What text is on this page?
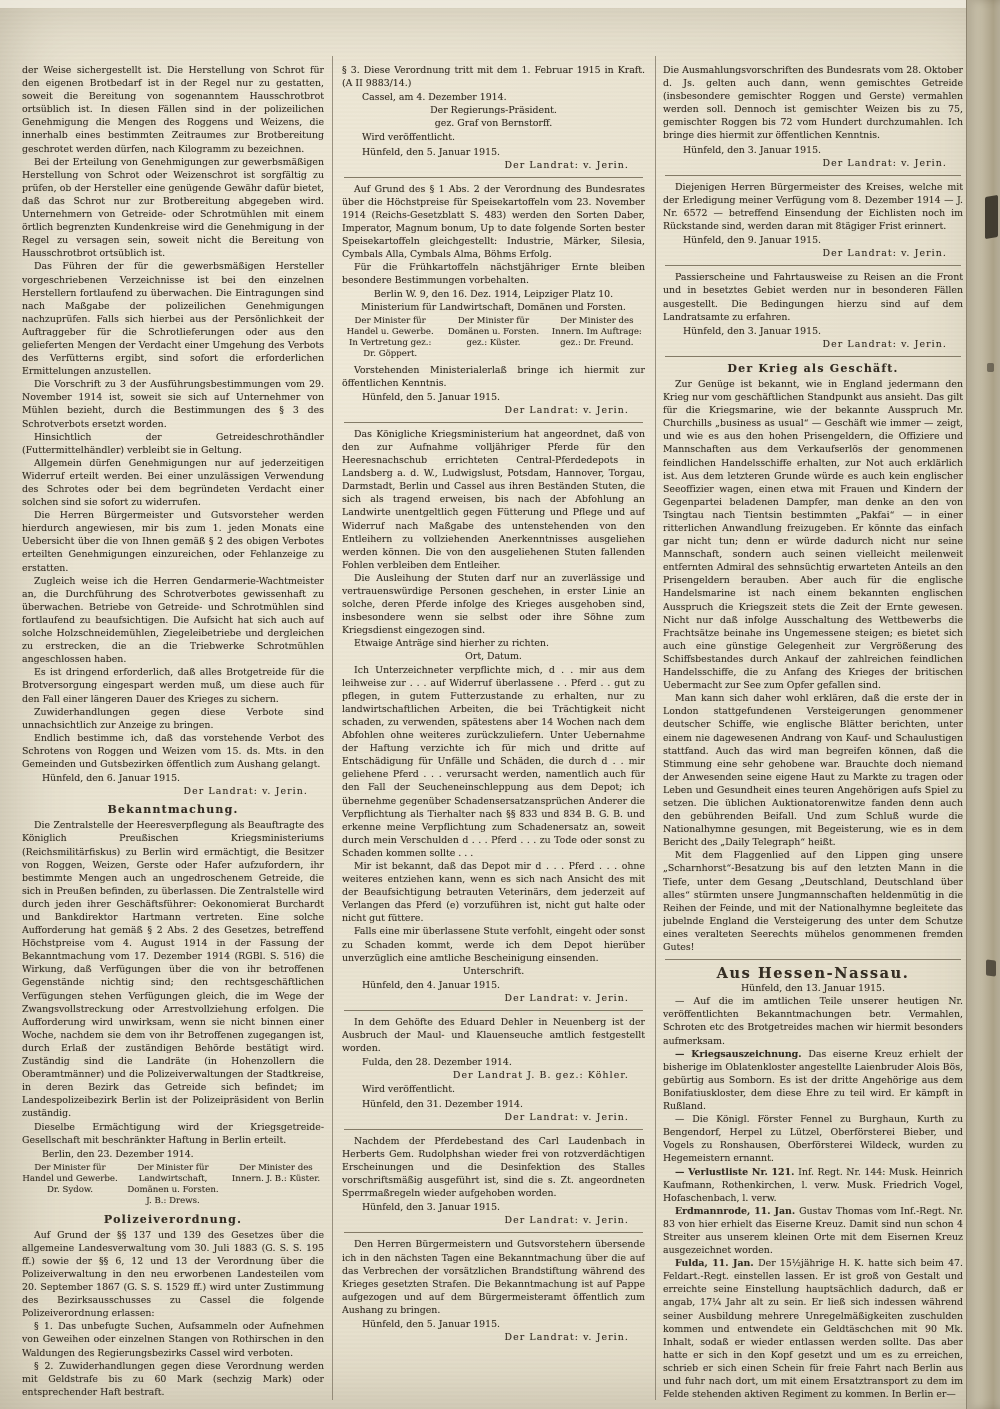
der Weise sichergestellt ist. Die Herstellung von Schrot für den eigenen Brotbedarf ist in der Regel nur zu gestatten, soweit die Bereitung von sogenanntem Hausschrotbrot ortsüblich ist. In diesen Fällen sind in der polizeilichen Genehmigung die Mengen des Roggens und Weizens, die innerhalb eines bestimmten Zeitraumes zur Brotbereitung geschrotet werden dürfen, nach Kilogramm zu bezeichnen.
Bei der Erteilung von Genehmigungen zur gewerbsmäßigen Herstellung von Schrot oder Weizenschrot ist sorgfältig zu prüfen, ob der Hersteller eine genügende Gewähr dafür bietet, daß das Schrot nur zur Brotbereitung abgegeben wird. Unternehmern von Getreide- oder Schrotmühlen mit einem örtlich begrenzten Kundenkreise wird die Genehmigung in der Regel zu versagen sein, soweit nicht die Bereitung von Hausschrotbrot ortsüblich ist.
Das Führen der für die gewerbsmäßigen Hersteller vorgeschriebenen Verzeichnisse ist bei den einzelnen Herstellern fortlaufend zu überwachen. Die Eintragungen sind nach Maßgabe der polizeilichen Genehmigungen nachzuprüfen. Falls sich hierbei aus der Persönlichkeit der Auftraggeber für die Schrotlieferungen oder aus den gelieferten Mengen der Verdacht einer Umgehung des Verbots des Verfütterns ergibt, sind sofort die erforderlichen Ermittelungen anzustellen.
Die Vorschrift zu 3 der Ausführungsbestimmungen vom 29. November 1914 ist, soweit sie sich auf Unternehmer von Mühlen bezieht, durch die Bestimmungen des § 3 des Schrotverbots ersetzt worden.
Hinsichtlich der Getreideschrothändler (Futtermittelhändler) verbleibt sie in Geltung.
Allgemein dürfen Genehmigungen nur auf jederzeitigen Widerruf erteilt werden. Bei einer unzulässigen Verwendung des Schrotes oder bei dem begründeten Verdacht einer solchen sind sie sofort zu widerrufen.
Die Herren Bürgermeister und Gutsvorsteher werden hierdurch angewiesen, mir bis zum 1. jeden Monats eine Uebersicht über die von Ihnen gemäß § 2 des obigen Verbotes erteilten Genehmigungen einzureichen, oder Fehlanzeige zu erstatten.
Zugleich weise ich die Herren Gendarmerie-Wachtmeister an, die Durchführung des Schrotverbotes gewissenhaft zu überwachen. Betriebe von Getreide- und Schrotmühlen sind fortlaufend zu beaufsichtigen. Die Aufsicht hat sich auch auf solche Holzschneidemühlen, Ziegeleibetriebe und dergleichen zu erstrecken, die an die Triebwerke Schrotmühlen angeschlossen haben.
Es ist dringend erforderlich, daß alles Brotgetreide für die Brotversorgung eingespart werden muß, um diese auch für den Fall einer längeren Dauer des Krieges zu sichern.
Zuwiderhandlungen gegen diese Verbote sind unnachsichtlich zur Anzeige zu bringen.
Endlich bestimme ich, daß das vorstehende Verbot des Schrotens von Roggen und Weizen vom 15. ds. Mts. in den Gemeinden und Gutsbezirken öffentlich zum Aushang gelangt.
Hünfeld, den 6. Januar 1915.
Der Landrat: v. Jerin.
Bekanntmachung.
Die Zentralstelle der Heeresverpflegung als Beauftragte des Königlich Preußischen Kriegsministeriums (Reichsmilitärfiskus) zu Berlin wird ermächtigt, die Besitzer von Roggen, Weizen, Gerste oder Hafer aufzufordern, ihr bestimmte Mengen auch an ungedroschenem Getreide, die sich in Preußen befinden, zu überlassen. Die Zentralstelle wird durch jeden ihrer Geschäftsführer: Oekonomierat Burchardt und Bankdirektor Hartmann vertreten. Eine solche Aufforderung hat gemäß § 2 Abs. 2 des Gesetzes, betreffend Höchstpreise vom 4. August 1914 in der Fassung der Bekanntmachung vom 17. Dezember 1914 (RGBl. S. 516) die Wirkung, daß Verfügungen über die von ihr betroffenen Gegenstände nichtig sind; den rechtsgeschäftlichen Verfügungen stehen Verfügungen gleich, die im Wege der Zwangsvollstreckung oder Arrestvollziehung erfolgen. Die Aufforderung wird unwirksam, wenn sie nicht binnen einer Woche, nachdem sie dem von ihr Betroffenen zugegangen ist, durch Erlaß der zuständigen Behörde bestätigt wird. Zuständig sind die Landräte (in Hohenzollern die Oberamtmänner) und die Polizeiverwaltungen der Stadtkreise, in deren Bezirk das Getreide sich befindet; im Landespolizeibezirk Berlin ist der Polizeipräsident von Berlin zuständig.
Dieselbe Ermächtigung wird der Kriegsgetreide-Gesellschaft mit beschränkter Haftung in Berlin erteilt.
Berlin, den 23. Dezember 1914.
Der Minister für Handel und Gewerbe. Dr. Sydow.
Der Minister für Landwirtschaft, Domänen u. Forsten. J. B.: Drews.
Der Minister des Innern. J. B.: Küster.
Polizeiverordnung.
Auf Grund der §§ 137 und 139 des Gesetzes über die allgemeine Landesverwaltung vom 30. Juli 1883 (G. S. S. 195 ff.) sowie der §§ 6, 12 und 13 der Verordnung über die Polizeiverwaltung in den neu erworbenen Landesteilen vom 20. September 1867 (G. S. S. 1529 ff.) wird unter Zustimmung des Bezirksausschusses zu Cassel die folgende Polizeiverordnung erlassen:
§ 1. Das unbefugte Suchen, Aufsammeln oder Aufnehmen von Geweihen oder einzelnen Stangen von Rothirschen in den Waldungen des Regierungsbezirks Cassel wird verboten.
§ 2. Zuwiderhandlungen gegen diese Verordnung werden mit Geldstrafe bis zu 60 Mark (sechzig Mark) oder entsprechender Haft bestraft.
§ 3. Diese Verordnung tritt mit dem 1. Februar 1915 in Kraft. (A II 9883/14.)
Cassel, am 4. Dezember 1914.
Der Regierungs-Präsident.
gez. Graf von Bernstorff.
Wird veröffentlicht.
Hünfeld, den 5. Januar 1915.
Der Landrat: v. Jerin.
Auf Grund des § 1 Abs. 2 der Verordnung des Bundesrates über die Höchstpreise für Speisekartoffeln vom 23. November 1914 (Reichs-Gesetzblatt S. 483) werden den Sorten Daber, Imperator, Magnum bonum, Up to date folgende Sorten bester Speisekartoffeln gleichgestellt: Industrie, Märker, Silesia, Cymbals Alla, Cymbals Alma, Böhms Erfolg.
Für die Frühkartoffeln nächstjähriger Ernte bleiben besondere Bestimmungen vorbehalten.
Berlin W. 9, den 16. Dez. 1914, Leipziger Platz 10.
Ministerium für Landwirtschaft, Domänen und Forsten.
Der Minister für Handel u. Gewerbe. In Vertretung gez.: Dr. Göppert.
Der Minister für Domänen u. Forsten. gez.: Küster.
Der Minister des Innern. Im Auftrage: gez.: Dr. Freund.
Vorstehenden Ministerialerlaß bringe ich hiermit zur öffentlichen Kenntnis.
Hünfeld, den 5. Januar 1915.
Der Landrat: v. Jerin.
Das Königliche Kriegsministerium hat angeordnet, daß von den zur Aufnahme volljähriger Pferde für den Heeresnachschub errichteten Central-Pferdedepots in Landsberg a. d. W., Ludwigslust, Potsdam, Hannover, Torgau, Darmstadt, Berlin und Cassel aus ihren Beständen Stuten, die sich als tragend erweisen, bis nach der Abfohlung an Landwirte unentgeltlich gegen Fütterung und Pflege und auf Widerruf nach Maßgabe des untenstehenden von den Entleihern zu vollziehenden Anerkenntnisses ausgeliehen werden können. Die von den ausgeliehenen Stuten fallenden Fohlen verbleiben dem Entleiher.
Die Ausleihung der Stuten darf nur an zuverlässige und vertrauenswürdige Personen geschehen, in erster Linie an solche, deren Pferde infolge des Krieges ausgehoben sind, insbesondere wenn sie selbst oder ihre Söhne zum Kriegsdienst eingezogen sind.
Etwaige Anträge sind hierher zu richten.
Ort, Datum.
Ich Unterzeichneter verpflichte mich, d . . mir aus dem leihweise zur . . . auf Widerruf überlassene . . Pferd . . gut zu pflegen, in gutem Futterzustande zu erhalten, nur zu landwirtschaftlichen Arbeiten, die bei Trächtigkeit nicht schaden, zu verwenden, spätestens aber 14 Wochen nach dem Abfohlen ohne weiteres zurückzuliefern. Unter Uebernahme der Haftung verzichte ich für mich und dritte auf Entschädigung für Unfälle und Schäden, die durch d . . mir geliehene Pferd . . . verursacht werden, namentlich auch für den Fall der Seucheneinschleppung aus dem Depot; ich übernehme gegenüber Schadensersatzansprüchen Anderer die Verpflichtung als Tierhalter nach §§ 833 und 834 B. G. B. und erkenne meine Verpflichtung zum Schadenersatz an, soweit durch mein Verschulden d . . . Pferd . . . zu Tode oder sonst zu Schaden kommen sollte . . .
Mir ist bekannt, daß das Depot mir d . . . Pferd . . . ohne weiteres entziehen kann, wenn es sich nach Ansicht des mit der Beaufsichtigung betrauten Veterinärs, dem jederzeit auf Verlangen das Pferd (e) vorzuführen ist, nicht gut halte oder nicht gut füttere.
Falls eine mir überlassene Stute verfohlt, eingeht oder sonst zu Schaden kommt, werde ich dem Depot hierüber unverzüglich eine amtliche Bescheinigung einsenden.
Unterschrift.
Hünfeld, den 4. Januar 1915.
Der Landrat: v. Jerin.
In dem Gehöfte des Eduard Dehler in Neuenberg ist der Ausbruch der Maul- und Klauenseuche amtlich festgestellt worden.
Fulda, den 28. Dezember 1914.
Der Landrat J. B. gez.: Köhler.
Wird veröffentlicht.
Hünfeld, den 31. Dezember 1914.
Der Landrat: v. Jerin.
Nachdem der Pferdebestand des Carl Laudenbach in Herberts Gem. Rudolphshan wieder frei von rotzverdächtigen Erscheinungen und die Desinfektion des Stalles vorschriftsmäßig ausgeführt ist, sind die s. Zt. angeordneten Sperrmaßregeln wieder aufgehoben worden.
Hünfeld, den 3. Januar 1915.
Der Landrat: v. Jerin.
Den Herren Bürgermeistern und Gutsvorstehern übersende ich in den nächsten Tagen eine Bekanntmachung über die auf das Verbrechen der vorsätzlichen Brandstiftung während des Krieges gesetzten Strafen. Die Bekanntmachung ist auf Pappe aufgezogen und auf dem Bürgermeisteramt öffentlich zum Aushang zu bringen.
Hünfeld, den 5. Januar 1915.
Der Landrat: v. Jerin.
Die Ausmahlungsvorschriften des Bundesrats vom 28. Oktober d. Js. gelten auch dann, wenn gemischtes Getreide (insbesondere gemischter Roggen und Gerste) vermahlen werden soll. Dennoch ist gemischter Weizen bis zu 75, gemischter Roggen bis 72 vom Hundert durchzumahlen. Ich bringe dies hiermit zur öffentlichen Kenntnis.
Hünfeld, den 3. Januar 1915.
Der Landrat: v. Jerin.
Diejenigen Herren Bürgermeister des Kreises, welche mit der Erledigung meiner Verfügung vom 8. Dezember 1914 — J. Nr. 6572 — betreffend Einsendung der Eichlisten noch im Rückstande sind, werden daran mit 8tägiger Frist erinnert.
Hünfeld, den 9. Januar 1915.
Der Landrat: v. Jerin.
Passierscheine und Fahrtausweise zu Reisen an die Front und in besetztes Gebiet werden nur in besonderen Fällen ausgestellt. Die Bedingungen hierzu sind auf dem Landratsamte zu erfahren.
Hünfeld, den 3. Januar 1915.
Der Landrat: v. Jerin.
Der Krieg als Geschäft.
Zur Genüge ist bekannt, wie in England jedermann den Krieg nur vom geschäftlichen Standpunkt aus ansieht. Das gilt für die Kriegsmarine, wie der bekannte Ausspruch Mr. Churchills „business as usual“ — Geschäft wie immer — zeigt, und wie es aus den hohen Prisengeldern, die Offiziere und Mannschaften aus dem Verkaufserlös der genommenen feindlichen Handelsschiffe erhalten, zur Not auch erklärlich ist. Aus dem letzteren Grunde würde es auch kein englischer Seeoffizier wagen, einen etwa mit Frauen und Kindern der Gegenpartei beladenen Dampfer, man denke an den von Tsingtau nach Tientsin bestimmten „Pakfai“ — in einer ritterlichen Anwandlung freizugeben. Er könnte das einfach gar nicht tun; denn er würde dadurch nicht nur seine Mannschaft, sondern auch seinen vielleicht meilenweit entfernten Admiral des sehnsüchtig erwarteten Anteils an den Prisengeldern berauben. Aber auch für die englische Handelsmarine ist nach einem bekannten englischen Ausspruch die Kriegszeit stets die Zeit der Ernte gewesen. Nicht nur daß infolge Ausschaltung des Wettbewerbs die Frachtsätze beinahe ins Ungemessene steigen; es bietet sich auch eine günstige Gelegenheit zur Vergrößerung des Schiffsbestandes durch Ankauf der zahlreichen feindlichen Handelsschiffe, die zu Anfang des Krieges der britischen Uebermacht zur See zum Opfer gefallen sind.
Man kann sich daher wohl erklären, daß die erste der in London stattgefundenen Versteigerungen genommener deutscher Schiffe, wie englische Blätter berichten, unter einem nie dagewesenen Andrang von Kauf- und Schaulustigen stattfand. Auch das wird man begreifen können, daß die Stimmung eine sehr gehobene war. Brauchte doch niemand der Anwesenden seine eigene Haut zu Markte zu tragen oder Leben und Gesundheit eines teuren Angehörigen aufs Spiel zu setzen. Die üblichen Auktionatorenwitze fanden denn auch den gebührenden Beifall. Und zum Schluß wurde die Nationalhymne gesungen, mit Begeisterung, wie es in dem Bericht des „Daily Telegraph“ heißt.
Mit dem Flaggenlied auf den Lippen ging unsere „Scharnhorst“-Besatzung bis auf den letzten Mann in die Tiefe, unter dem Gesang „Deutschland, Deutschland über alles“ stürmten unsere Jungmannschaften heldenmütig in die Reihen der Feinde, und mit der Nationalhymne begleitete das jubelnde England die Versteigerung des unter dem Schutze eines veralteten Seerechts mühelos genommenen fremden Gutes!
Aus Hessen-Nassau.
Hünfeld, den 13. Januar 1915.
— Auf die im amtlichen Teile unserer heutigen Nr. veröffentlichten Bekanntmachungen betr. Vermahlen, Schroten etc des Brotgetreides machen wir hiermit besonders aufmerksam.
— Kriegsauszeichnung. Das eiserne Kreuz erhielt der bisherige im Oblatenkloster angestellte Laienbruder Alois Bös, gebürtig aus Somborn. Es ist der dritte Angehörige aus dem Bonifatiuskloster, dem diese Ehre zu teil wird. Er kämpft in Rußland.
— Die Königl. Förster Fennel zu Burghaun, Kurth zu Bengendorf, Herpel zu Lützel, Oberförsterei Bieber, und Vogels zu Ronshausen, Oberförsterei Wildeck, wurden zu Hegemeistern ernannt.
— Verlustliste Nr. 121. Inf. Regt. Nr. 144: Musk. Heinrich Kaufmann, Rothenkirchen, l. verw. Musk. Friedrich Vogel, Hofaschenbach, l. verw.
Erdmannrode, 11. Jan. Gustav Thomas vom Inf.-Regt. Nr. 83 von hier erhielt das Eiserne Kreuz. Damit sind nun schon 4 Streiter aus unserem kleinen Orte mit dem Eisernen Kreuz ausgezeichnet worden.
Fulda, 11. Jan. Der 15½jährige H. K. hatte sich beim 47. Feldart.-Regt. einstellen lassen. Er ist groß von Gestalt und erreichte seine Einstellung hauptsächlich dadurch, daß er angab, 17¼ Jahr alt zu sein. Er ließ sich indessen während seiner Ausbildung mehrere Unregelmäßigkeiten zuschulden kommen und entwendete ein Geldtäschchen mit 90 Mk. Inhalt, sodaß er wieder entlassen werden sollte. Das aber hatte er sich in den Kopf gesetzt und um es zu erreichen, schrieb er sich einen Schein für freie Fahrt nach Berlin aus und fuhr nach dort, um mit einem Ersatztransport zu dem im Felde stehenden aktiven Regiment zu kommen. In Berlin er—
